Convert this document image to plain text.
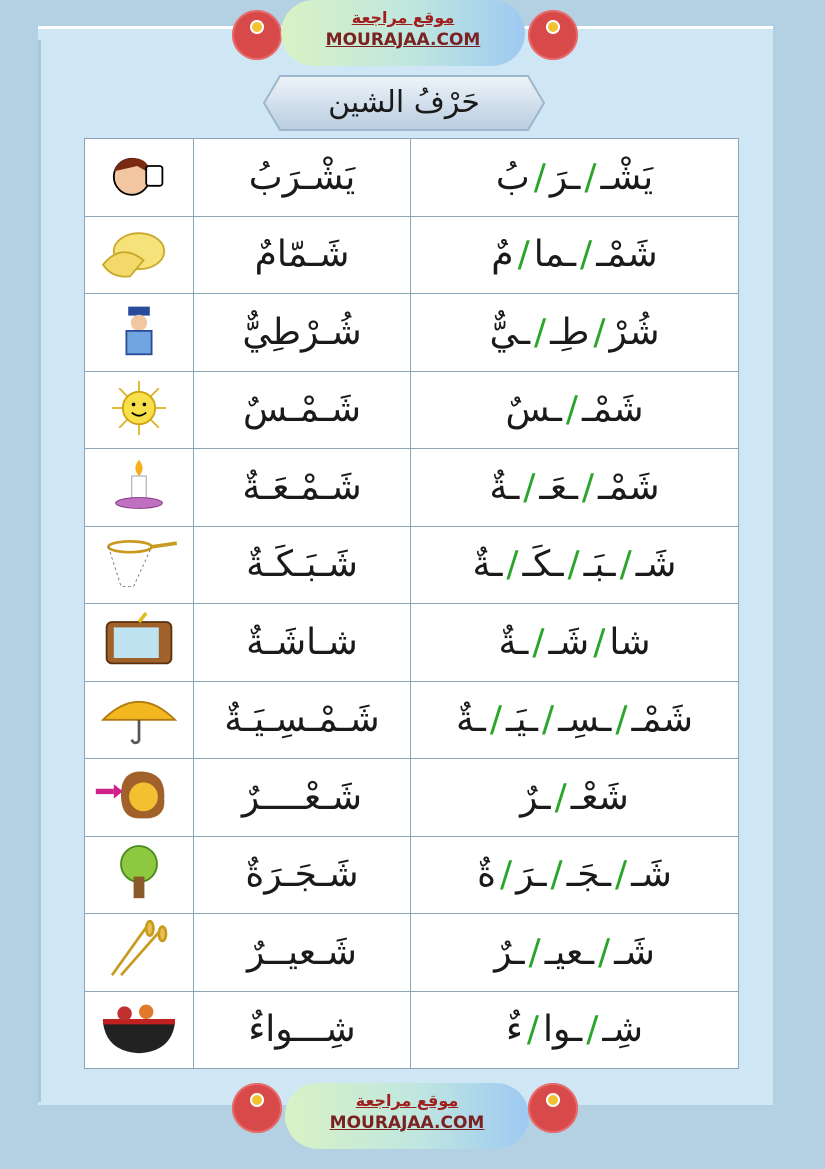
موقع مراجعة
MOURAJAA.COM
حَرْفُ الشين
	يَشْـرَبُ	يَشْـ/ـرَ/بُ
	شَـمّامٌ	شَمْـ/ـما/مٌ
	شُـرْطِيٌّ	شُرْ/طِـ/ـيٌّ
	شَـمْـسٌ	شَمْـ/ـسٌ
	شَـمْـعَـةٌ	شَمْـ/ـعَـ/ـةٌ
	شَـبَـكَـةٌ	شَـ/ـبَـ/ـكَـ/ـةٌ
	شـاشَـةٌ	شا/شَـ/ـةٌ
	شَـمْـسِـيَـةٌ	شَمْـ/ـسِـ/ـيَـ/ـةٌ
	شَـعْــــرٌ	شَعْـ/ـرٌ
	شَـجَـرَةٌ	شَـ/ـجَـ/ـرَ/ةٌ
	شَـعيــرٌ	شَـ/ـعيـ/ـرٌ
	شِـــواءٌ	شِـ/ـوا/ءٌ
موقع مراجعة
MOURAJAA.COM
